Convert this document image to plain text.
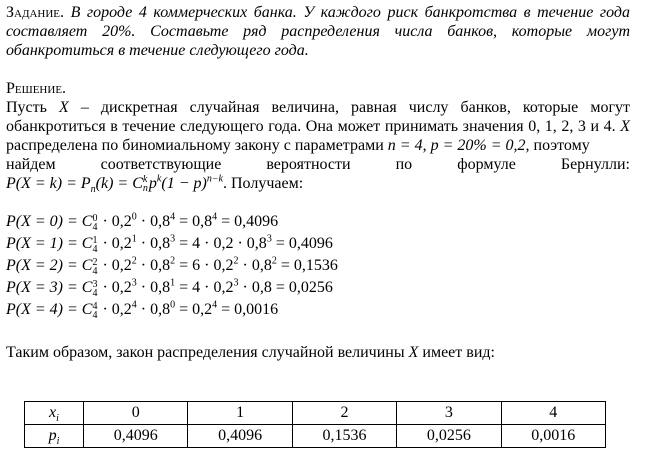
Задание. В городе 4 коммерческих банка. У каждого риск банкротства в течение года составляет 20%. Составьте ряд распределения числа банков, которые могут обанкротиться в течение следующего года.
Решение.

Пусть X – дискретная случайная величина, равная числу банков, которые могут обанкротиться в течение следующего года. Она может принимать значения 0, 1, 2, 3 и 4. X распределена по биномиальному закону с параметрами n = 4, p = 20% = 0,2, поэтому

найдем соответствующие вероятности по формуле Бернулли:

$P(X = k) = P_n(k) = C$ k
n $p^k(1 - p)^{n-k}$. Получаем:
P(X = 0) = C 0
$4 \cdot 0,2^0 \cdot 0,8^4 = 0,8^4 = 0,4096$
P(X = 1) = C 1
$4 \cdot 0,2^1 \cdot 0,8^3 = 4 \cdot 0,2 \cdot 0,8^3 = 0,4096$
P(X = 2) = C 2
$4 \cdot 0,2^2 \cdot 0,8^2 = 6 \cdot 0,2^2 \cdot 0,8^2 = 0,1536$
P(X = 3) = C 3
$4 \cdot 0,2^3 \cdot 0,8^1 = 4 \cdot 0,2^3 \cdot 0,8 = 0,0256$
P(X = 4) = C 4
$4 \cdot 0,2^4 \cdot 0,8^0 = 0,2^4 = 0,0016$
Таким образом, закон распределения случайной величины X имеет вид:
$x_i$	0	1	2	3	4
$p_i$	0,4096	0,4096	0,1536	0,0256	0,0016
